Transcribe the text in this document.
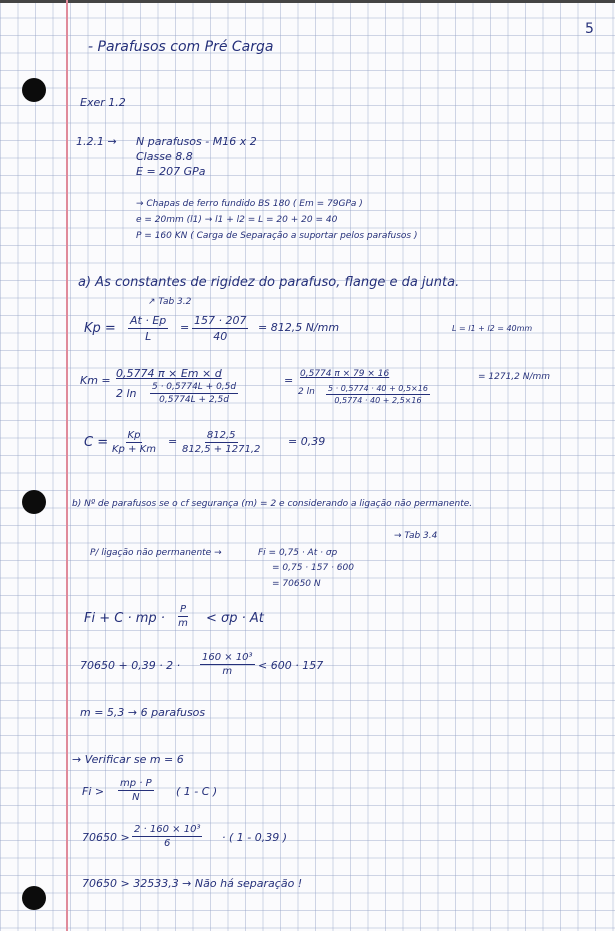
5
- Parafusos com Pré Carga
Exer 1.2
1.2.1 → N parafusos - M16 x 2
Classe 8.8
E = 207 GPa
→ Chapas de ferro fundido BS 180 ( Em = 79GPa )
e = 20mm (l1) → l1 + l2 = L = 20 + 20 = 40
P = 160 KN ( Carga de Separação a suportar pelos parafusos )
a) As constantes de rigidez do parafuso, flange e da junta.
↗ Tab 3.2
$Kp = \frac{At \cdot Ep}{L} = \frac{157 \cdot 207}{40} = 812,5$ N/mm	L = l1 + l2 = 40mm
Km =
0,5774 π × Em × d
2 $\ln \frac{5 \cdot 0,5774L + 0,5d}{0,5774L + 2,5d}$
= 0,5774 π × 79 × 16
2 $\ln \frac{5 \cdot 0,5774 \cdot 40 + 0,5\times 16}{0,5774 \cdot 40 + 2,5\times 16}$
= 1271,2 N/mm
$C = \frac{Kp}{Kp + Km} = \frac{812,5}{812,5 + 1271,2}$	= 0,39
b) Nº de parafusos se o cf segurança (m) = 2 e considerando a ligação não permanente.
→ Tab 3.4
P/ ligação não permanente →	Fi = 0,75 · At · σp
= 0,75 · 157 · 600
= 70650 N
Fi + C · mp · $\frac{P}{m} < \sigma p \cdot At$
$70650 + 0,39 \cdot 2 \cdot \frac{\text{160 × 10³}}{m} < 600 \cdot 157$
m = 5,3 → 6 parafusos
→ Verificar se m = 6
$Fi > \frac{mp \cdot P}{N}$ ( 1 - C )
$70650 > \frac{\text{2 · 160 × 10³}}{6}$ · ( 1 - 0,39 )
70650 > 32533,3 → Não há separação !
